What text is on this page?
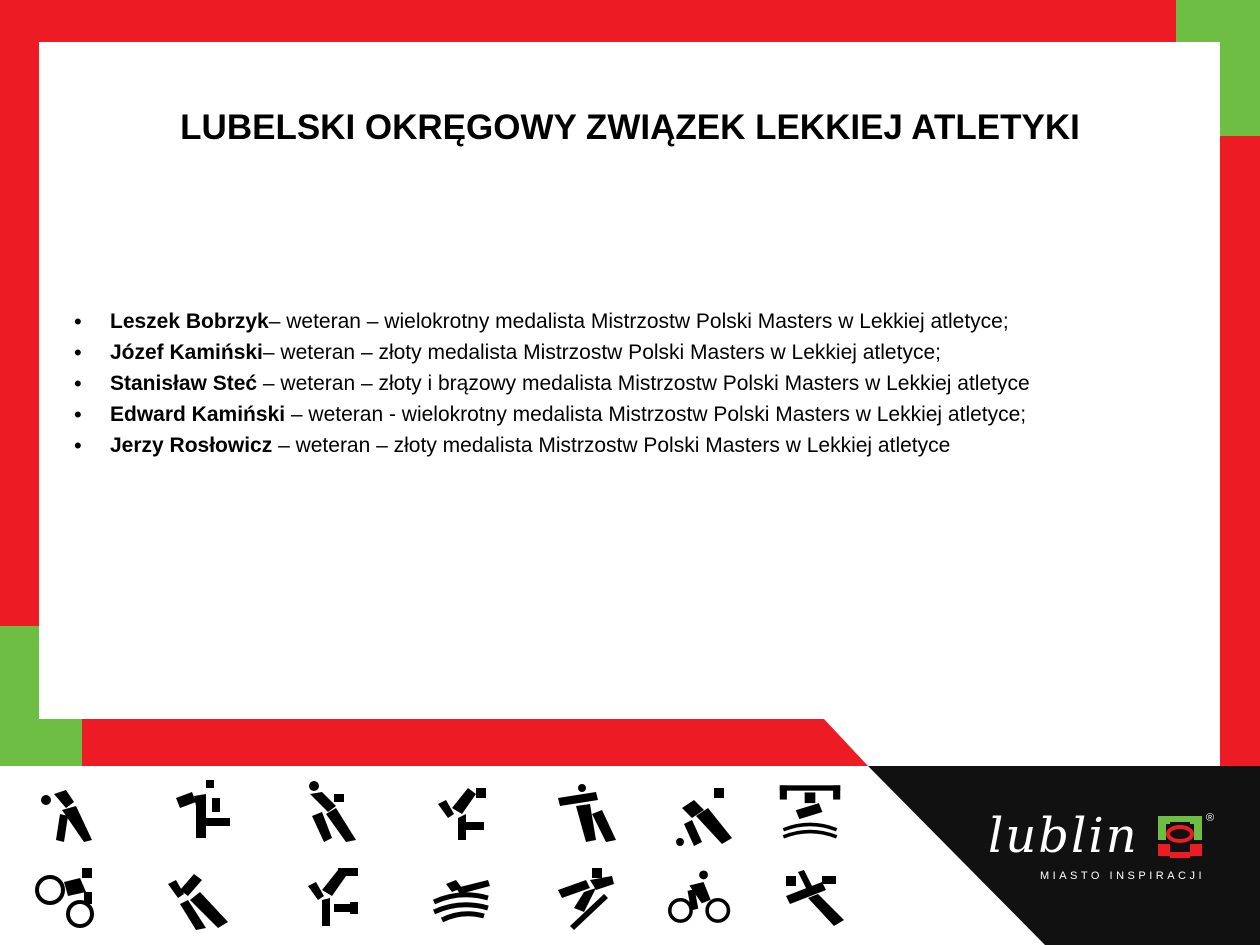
LUBELSKI OKRĘGOWY ZWIĄZEK LEKKIEJ ATLETYKI
• Leszek Bobrzyk– weteran – wielokrotny medalista Mistrzostw Polski Masters w Lekkiej atletyce;
• Józef Kamiński– weteran – złoty medalista Mistrzostw Polski Masters w Lekkiej atletyce;
• Stanisław Steć – weteran – złoty i brązowy medalista Mistrzostw Polski Masters w Lekkiej atletyce
• Edward Kamiński – weteran - wielokrotny medalista Mistrzostw Polski Masters w Lekkiej atletyce;
• Jerzy Rosłowicz – weteran – złoty medalista Mistrzostw Polski Masters w Lekkiej atletyce
lublin	®
MIASTO INSPIRACJI
